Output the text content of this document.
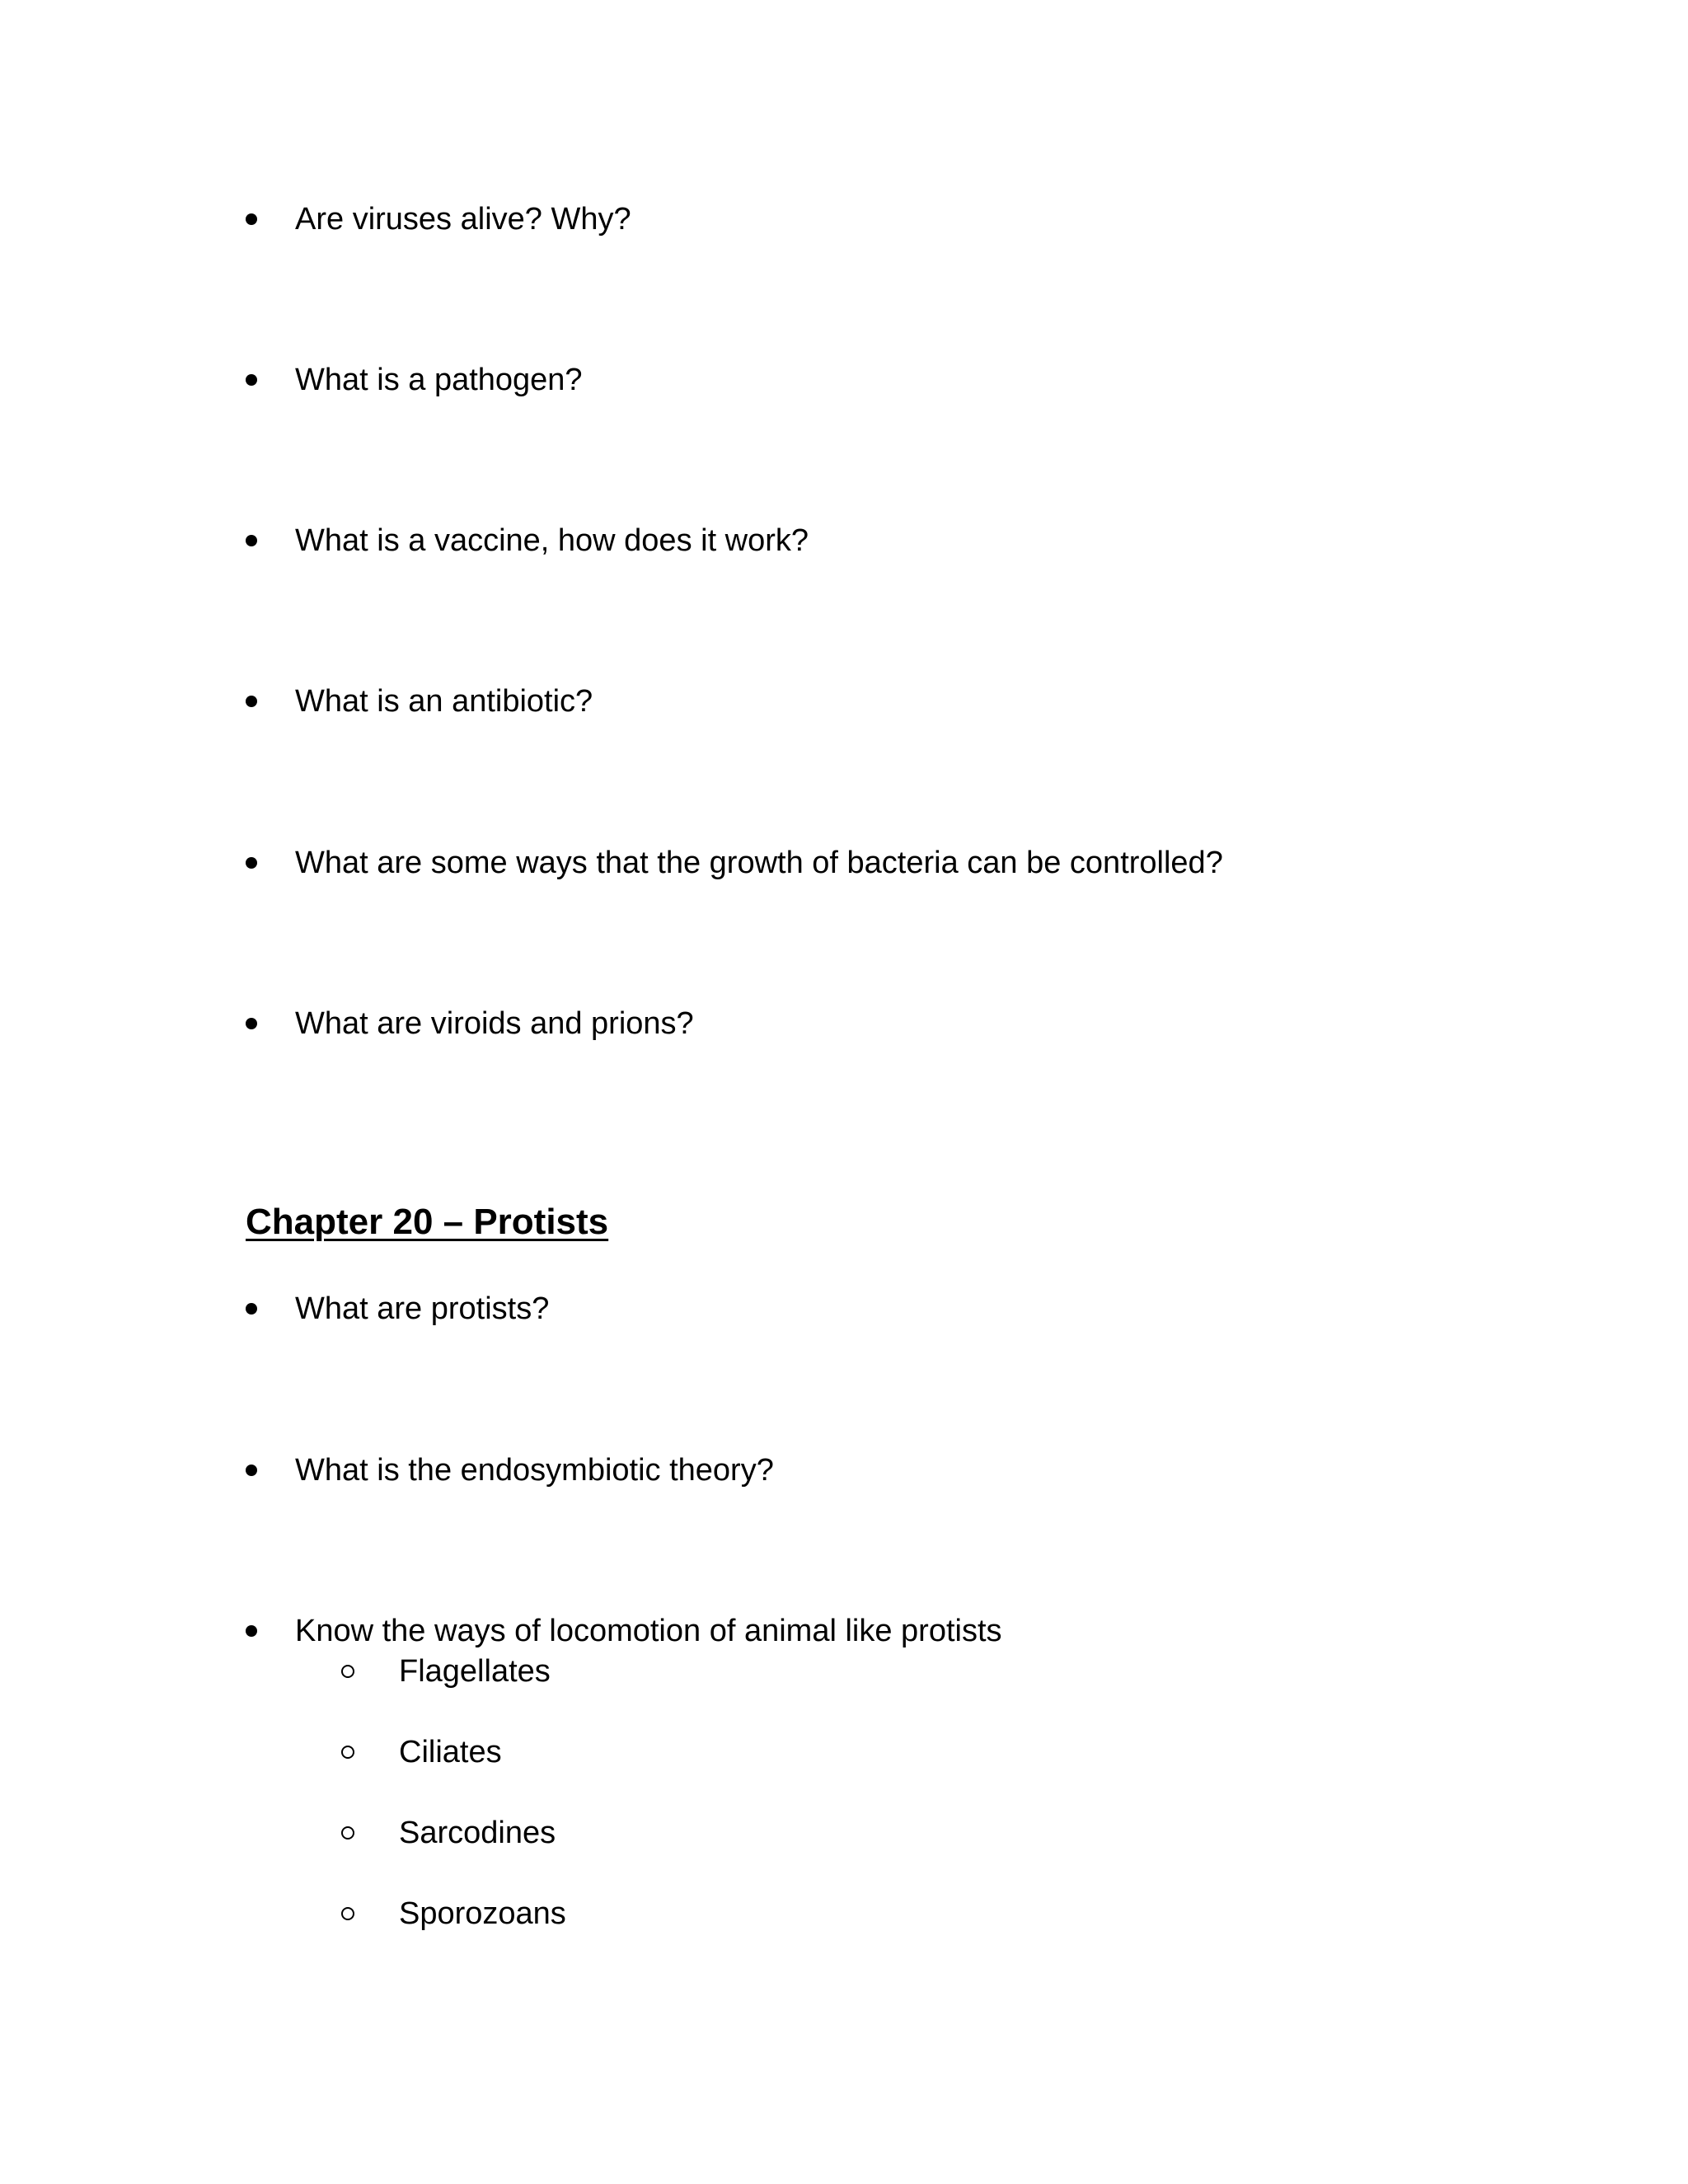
Are viruses alive? Why?
What is a pathogen?
What is a vaccine, how does it work?
What is an antibiotic?
What are some ways that the growth of bacteria can be controlled?
What are viroids and prions?
Chapter 20 – Protists
What are protists?
What is the endosymbiotic theory?
Know the ways of locomotion of animal like protists
Flagellates
Ciliates
Sarcodines
Sporozoans
